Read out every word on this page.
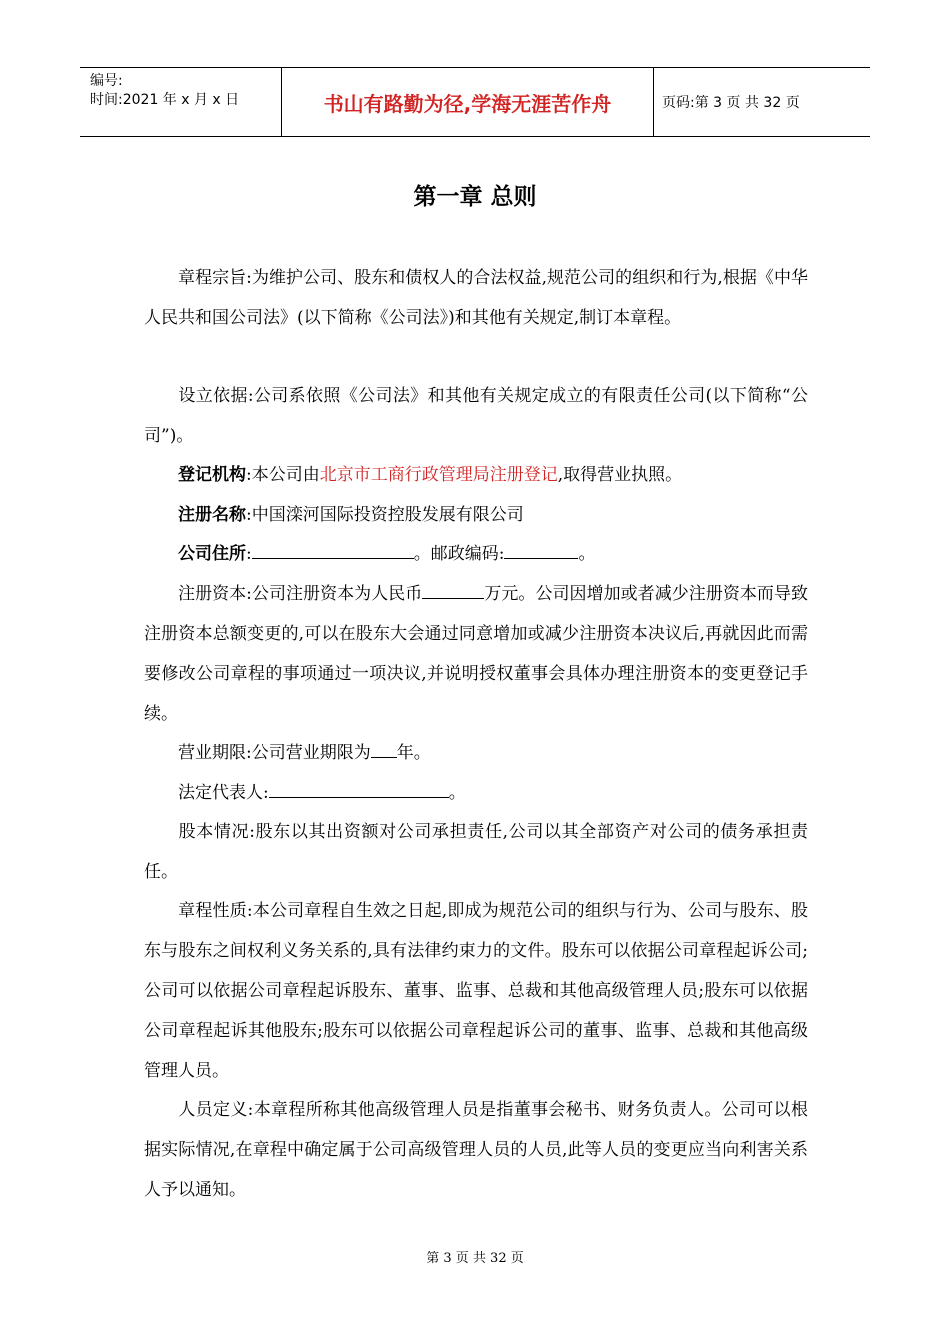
编号:
时间:2021 年 x 月 x 日	书山有路勤为径,学海无涯苦作舟	页码:第 3 页 共 32 页
第一章 总则

章程宗旨:为维护公司、股东和债权人的合法权益,规范公司的组织和行为,根据《中华人民共和国公司法》(以下简称《公司法》)和其他有关规定,制订本章程。

设立依据:公司系依照《公司法》和其他有关规定成立的有限责任公司(以下简称“公司”)。

登记机构:本公司由北京市工商行政管理局注册登记,取得营业执照。

注册名称:中国滦河国际投资控股发展有限公司

公司住所:	。邮政编码:	。

注册资本:公司注册资本为人民币	万元。公司因增加或者减少注册资本而导致注册资本总额变更的,可以在股东大会通过同意增加或减少注册资本决议后,再就因此而需要修改公司章程的事项通过一项决议,并说明授权董事会具体办理注册资本的变更登记手续。

营业期限:公司营业期限为 年。

法定代表人:	。

股本情况:股东以其出资额对公司承担责任,公司以其全部资产对公司的债务承担责任。

章程性质:本公司章程自生效之日起,即成为规范公司的组织与行为、公司与股东、股东与股东之间权利义务关系的,具有法律约束力的文件。股东可以依据公司章程起诉公司;公司可以依据公司章程起诉股东、董事、监事、总裁和其他高级管理人员;股东可以依据公司章程起诉其他股东;股东可以依据公司章程起诉公司的董事、监事、总裁和其他高级管理人员。

人员定义:本章程所称其他高级管理人员是指董事会秘书、财务负责人。公司可以根据实际情况,在章程中确定属于公司高级管理人员的人员,此等人员的变更应当向利害关系人予以通知。

第 3 页 共 32 页
